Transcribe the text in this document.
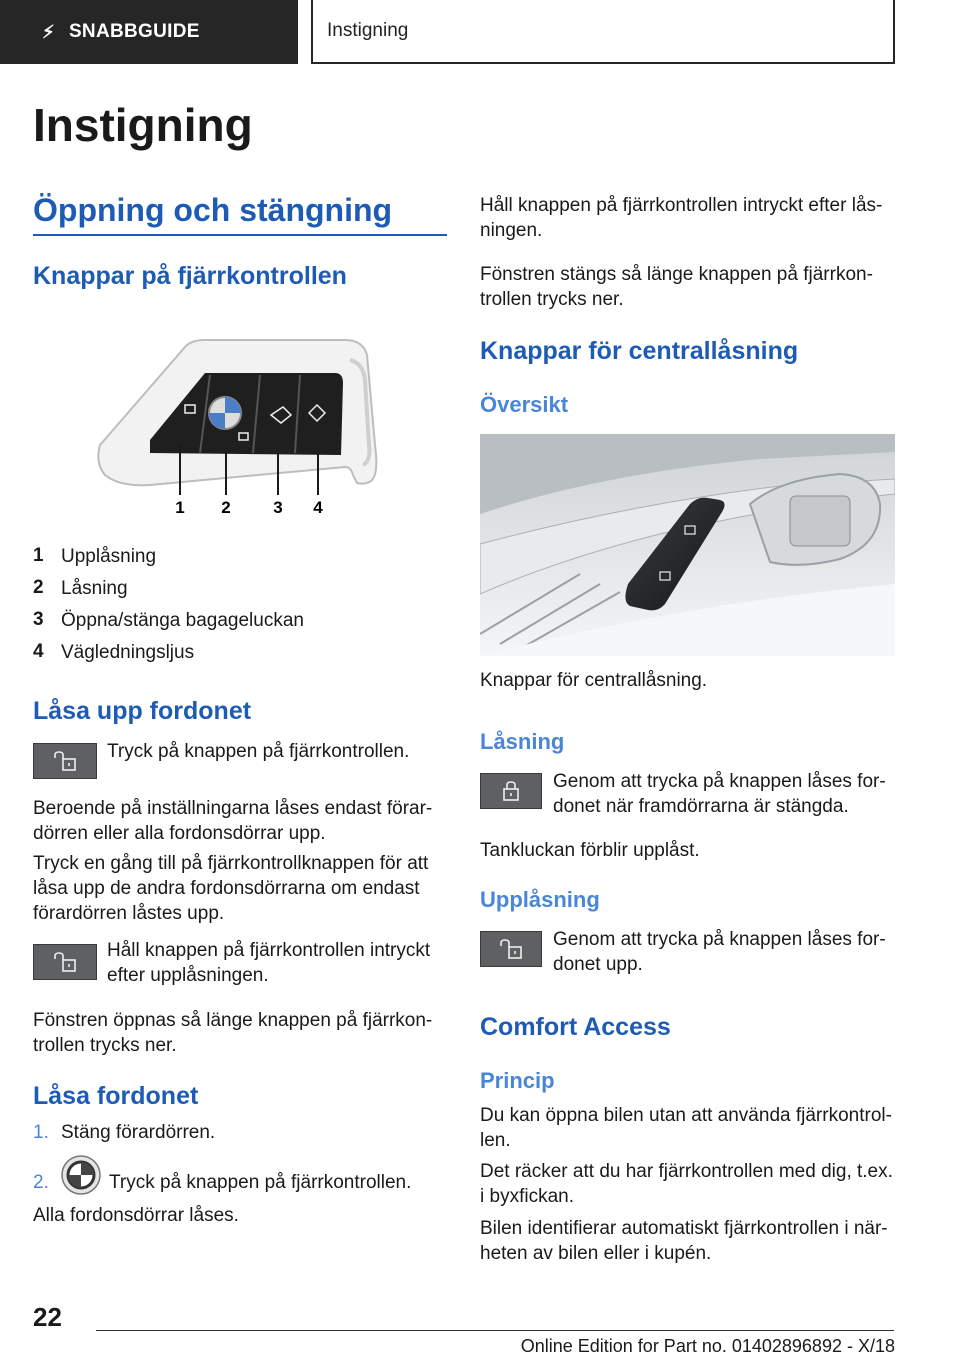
⚡︎ SNABBGUIDE	Instigning
Instigning
Öppning och stängning
Knappar på fjärrkontrollen
1 2	3 4
1 Upplåsning
2 Låsning
3 Öppna/stänga bagageluckan
4 Vägledningsljus
Låsa upp fordonet
Tryck på knappen på fjärrkontrollen.
Beroende på inställningarna låses endast förar-
dörren eller alla fordonsdörrar upp.
Tryck en gång till på fjärrkontrollknappen för att
låsa upp de andra fordonsdörrarna om endast
förardörren låstes upp.
Håll knappen på fjärrkontrollen intryckt
efter upplåsningen.
Fönstren öppnas så länge knappen på fjärrkon-
trollen trycks ner.
Låsa fordonet
1. Stäng förardörren.
2.	Tryck på knappen på fjärrkontrollen.
Alla fordonsdörrar låses.
Håll knappen på fjärrkontrollen intryckt efter lås-
ningen.
Fönstren stängs så länge knappen på fjärrkon-
trollen trycks ner.
Knappar för centrallåsning
Översikt
Knappar för centrallåsning.
Låsning
Genom att trycka på knappen låses for-
donet när framdörrarna är stängda.
Tankluckan förblir upplåst.
Upplåsning
Genom att trycka på knappen låses for-
donet upp.
Comfort Access
Princip
Du kan öppna bilen utan att använda fjärrkontrol-
len.
Det räcker att du har fjärrkontrollen med dig, t.ex.
i byxfickan.
Bilen identifierar automatiskt fjärrkontrollen i när-
heten av bilen eller i kupén.
22
Online Edition for Part no. 01402896892 - X/18
